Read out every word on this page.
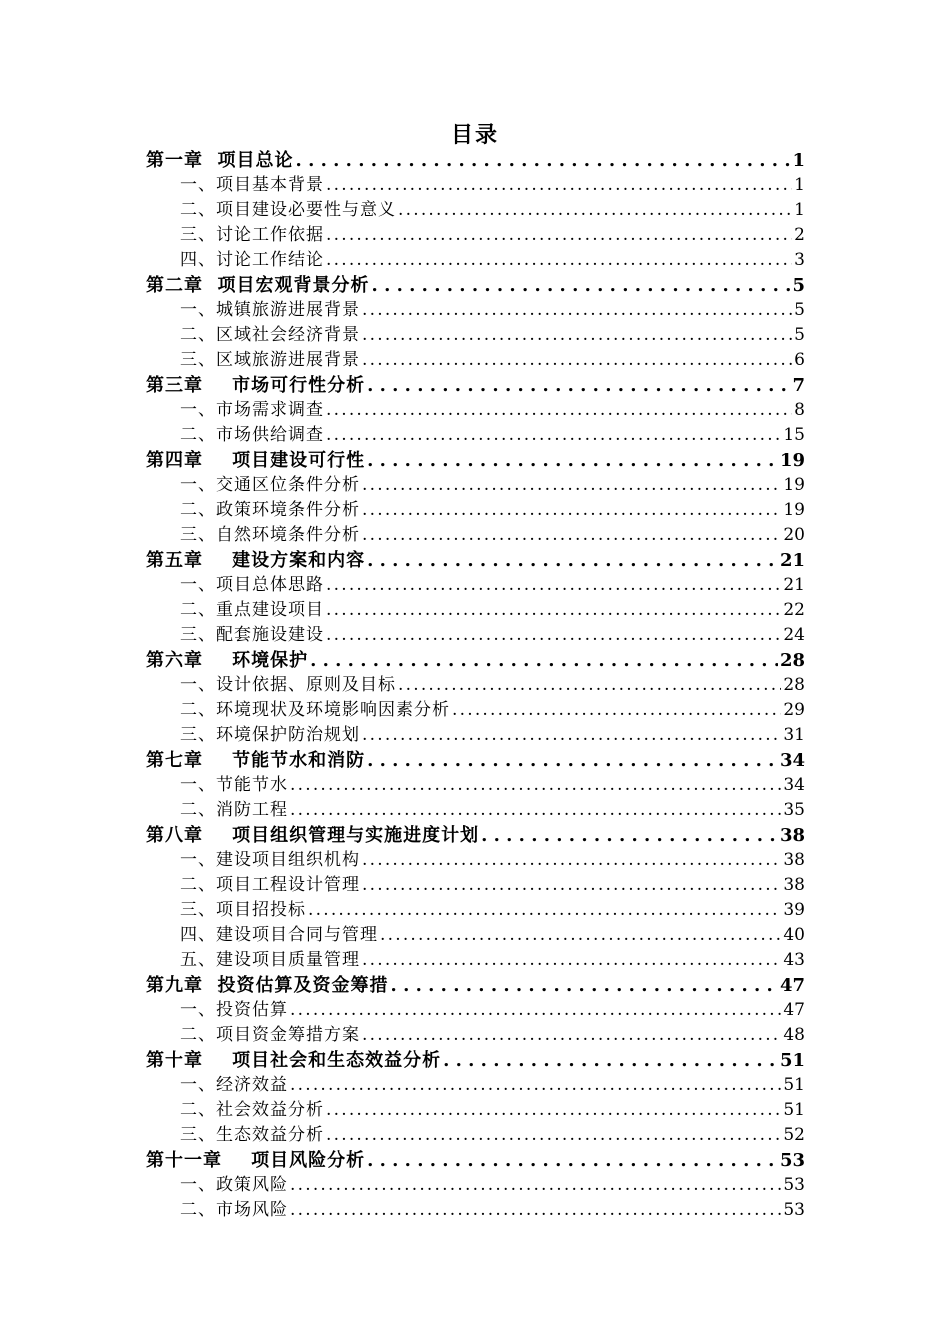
目录
第一章  项目总论 . . .	1
一、项目基本背景 . . .	1
二、项目建设必要性与意义 . . .	1
三、讨论工作依据 . . .	2
四、讨论工作结论 . . .	3
第二章  项目宏观背景分析 . . .	5
一、城镇旅游进展背景 . . .	5
二、区域社会经济背景 . . .	5
三、区域旅游进展背景 . . .	6
第三章    市场可行性分析 . . .	7
一、市场需求调查 . . .	8
二、市场供给调查 . . .	15
第四章    项目建设可行性 . . .	19
一、交通区位条件分析 . . .	19
二、政策环境条件分析 . . .	19
三、自然环境条件分析 . . .	20
第五章    建设方案和内容 . . .	21
一、项目总体思路 . . .	21
二、重点建设项目 . . .	22
三、配套施设建设 . . .	24
第六章    环境保护 . . .	28
一、设计依据、原则及目标 . . .	28
二、环境现状及环境影响因素分析 . . .	29
三、环境保护防治规划 . . .	31
第七章    节能节水和消防 . . .	34
一、节能节水 . . .	34
二、消防工程 . . .	35
第八章    项目组织管理与实施进度计划 . . .	38
一、建设项目组织机构 . . .	38
二、项目工程设计管理 . . .	38
三、项目招投标 . . .	39
四、建设项目合同与管理 . . .	40
五、建设项目质量管理 . . .	43
第九章  投资估算及资金筹措 . . .	47
一、投资估算 . . .	47
二、项目资金筹措方案 . . .	48
第十章    项目社会和生态效益分析 . . .	51
一、经济效益 . . .	51
二、社会效益分析 . . .	51
三、生态效益分析 . . .	52
第十一章    项目风险分析 . . .	53
一、政策风险 . . .	53
二、市场风险 . . .	53
